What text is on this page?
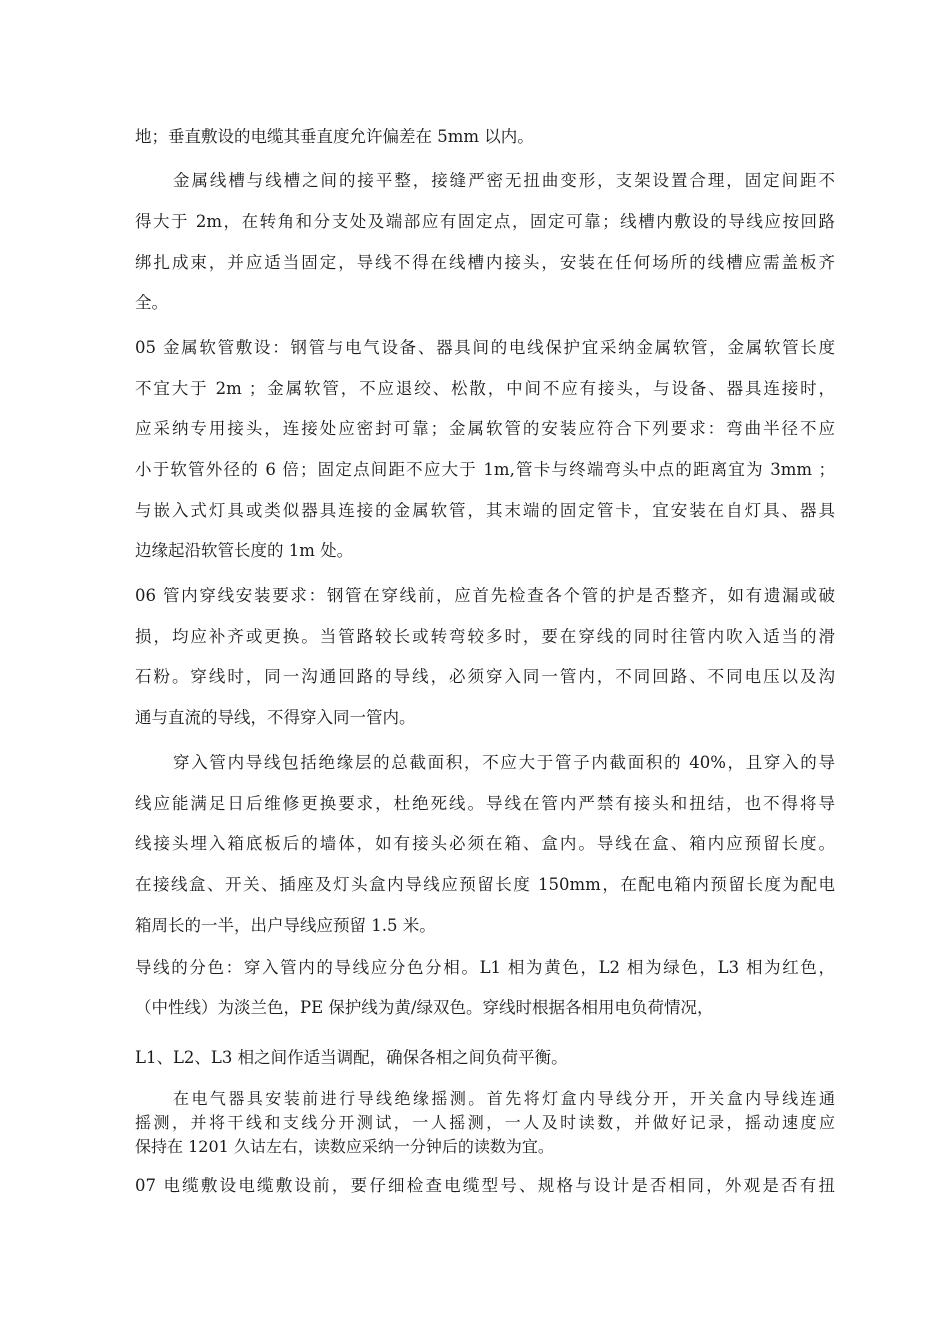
地；垂直敷设的电缆其垂直度允许偏差在 5mm 以内。
金属线槽与线槽之间的接平整，接缝严密无扭曲变形，支架设置合理，固定间距不
得大于 2m，在转角和分支处及端部应有固定点，固定可靠；线槽内敷设的导线应按回路
绑扎成束，并应适当固定，导线不得在线槽内接头，安装在任何场所的线槽应需盖板齐
全。
05 金属软管敷设：钢管与电气设备、器具间的电线保护宜采纳金属软管，金属软管长度
不宜大于 2m ；金属软管，不应退绞、松散，中间不应有接头，与设备、器具连接时，
应采纳专用接头，连接处应密封可靠；金属软管的安装应符合下列要求：弯曲半径不应
小于软管外径的 6 倍；固定点间距不应大于 1m,管卡与终端弯头中点的距离宜为 3mm ；
与嵌入式灯具或类似器具连接的金属软管，其末端的固定管卡，宜安装在自灯具、器具
边缘起沿软管长度的 1m 处。
06 管内穿线安装要求：钢管在穿线前，应首先检查各个管的护是否整齐，如有遗漏或破
损，均应补齐或更换。当管路较长或转弯较多时，要在穿线的同时往管内吹入适当的滑
石粉。穿线时，同一沟通回路的导线，必须穿入同一管内，不同回路、不同电压以及沟
通与直流的导线，不得穿入同一管内。
穿入管内导线包括绝缘层的总截面积，不应大于管子内截面积的 40%，且穿入的导
线应能满足日后维修更换要求，杜绝死线。导线在管内严禁有接头和扭结，也不得将导
线接头埋入箱底板后的墙体，如有接头必须在箱、盒内。导线在盒、箱内应预留长度。
在接线盒、开关、插座及灯头盒内导线应预留长度 150mm，在配电箱内预留长度为配电
箱周长的一半，出户导线应预留 1.5 米。
导线的分色：穿入管内的导线应分色分相。L1 相为黄色，L2 相为绿色，L3 相为红色，
（中性线）为淡兰色，PE 保护线为黄/绿双色。穿线时根据各相用电负荷情况，
L1、L2、L3 相之间作适当调配，确保各相之间负荷平衡。
在电气器具安装前进行导线绝缘摇测。首先将灯盒内导线分开，开关盒内导线连通
摇测，并将干线和支线分开测试，一人摇测，一人及时读数，并做好记录，摇动速度应
保持在 1201 久诂左右，读数应采纳一分钟后的读数为宜。
07 电缆敷设电缆敷设前，要仔细检查电缆型号、规格与设计是否相同，外观是否有扭
